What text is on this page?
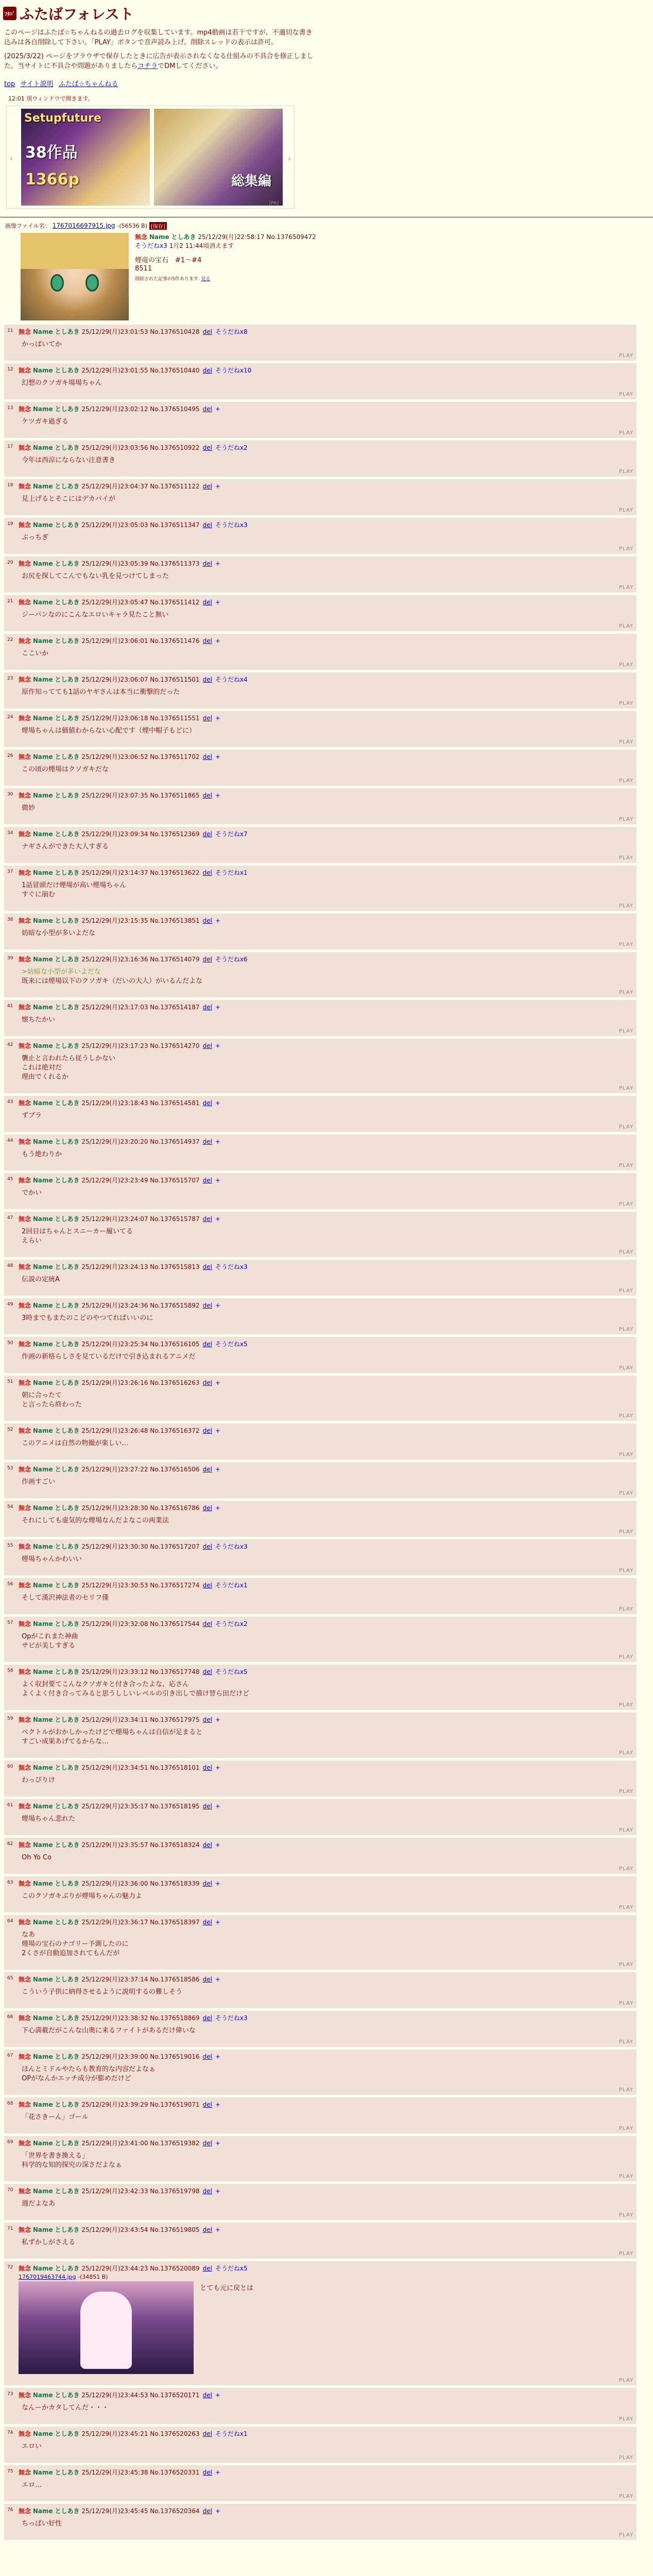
ﾌﾀﾊﾞ ふたばフォレスト
このページはふたば☆ちゃんねるの過去ログを収集しています。mp4動画は若干ですが、不適切な書き込みは各自削除して下さい。「PLAY」ボタンで音声読み上げ。削除スレッドの表示は許可。
(2025/3/22) ページをブラウザで保存したときに広告が表示されなくなる仕組みの不具合を修正しました。当サイトに不具合や問題がありましたらコチラでDMしてください。
top サイト説明 ふたば☆ちゃんねる
12:01 別ウィンドウで開きます。
‹
Setupfuture
38作品
1366p	総集編
[PR]
›
画像ファイル名： 1767016697915.jpg -(56536 B) [保存]
無念 Name としあき 25/12/29(月)22:58:17 No.1376509472
そうだねx3 1月2 11:44頃消えます
煙竜の宝石　#1～#4
8511
削除された記事が5件あります. 見る
11 無念 Name としあき 25/12/29(月)23:01:53 No.1376510428 del そうだねx8
かっぱいてか
PLAY
12 無念 Name としあき 25/12/29(月)23:01:55 No.1376510440 del そうだねx10
幻想のクソガキ場場ちゃん
PLAY
13 無念 Name としあき 25/12/29(月)23:02:12 No.1376510495 del +
ケツガキ過ぎる
PLAY
17 無念 Name としあき 25/12/29(月)23:03:56 No.1376510922 del そうだねx2
今年は西涼にならない注意書き
PLAY
18 無念 Name としあき 25/12/29(月)23:04:37 No.1376511122 del +
見上げるとそこにはデカパイが
PLAY
19 無念 Name としあき 25/12/29(月)23:05:03 No.1376511347 del そうだねx3
ぶっちぎ
PLAY
20 無念 Name としあき 25/12/29(月)23:05:39 No.1376511373 del +
お尻を探してこんでもない乳を見つけてしまった
PLAY
21 無念 Name としあき 25/12/29(月)23:05:47 No.1376511412 del +
ジーパンなのにこんなエロいキャラ見たこと無い
PLAY
22 無念 Name としあき 25/12/29(月)23:06:01 No.1376511476 del +
ここいか
PLAY
23 無念 Name としあき 25/12/29(月)23:06:07 No.1376511501 del そうだねx4
原作知ってても1話のヤギさんは本当に衝撃的だった
PLAY
24 無念 Name としあき 25/12/29(月)23:06:18 No.1376511551 del +
煙場ちゃんは価値わからない心配です（煙中帽子もどに）
PLAY
26 無念 Name としあき 25/12/29(月)23:06:52 No.1376511702 del +
この頃の煙場はクソガキだな
PLAY
30 無念 Name としあき 25/12/29(月)23:07:35 No.1376511865 del +
微妙
PLAY
34 無念 Name としあき 25/12/29(月)23:09:34 No.1376512369 del そうだねx7
ナギさんができた大人すぎる
PLAY
37 無念 Name としあき 25/12/29(月)23:14:37 No.1376513622 del そうだねx1
1話冒頭だけ煙場が高い煙場ちゃん
すぐに崩む
PLAY
38 無念 Name としあき 25/12/29(月)23:15:35 No.1376513851 del +
妨暗な小型が多いよだな
PLAY
39 無念 Name としあき 25/12/29(月)23:16:36 No.1376514079 del そうだねx6
>妨暗な小型が多いよだな
既来には煙場以下のクソガキ（だいの大人）がいるんだよな
PLAY
41 無念 Name としあき 25/12/29(月)23:17:03 No.1376514187 del +
懐ちたかい
PLAY
42 無念 Name としあき 25/12/29(月)23:17:23 No.1376514270 del +
襲止と言われたら従うしかない
これは絶対だ
理由でくれるか
PLAY
43 無念 Name としあき 25/12/29(月)23:18:43 No.1376514581 del +
ずブラ
PLAY
44 無念 Name としあき 25/12/29(月)23:20:20 No.1376514937 del +
もう絶わりか
PLAY
45 無念 Name としあき 25/12/29(月)23:23:49 No.1376515707 del +
でかい
PLAY
47 無念 Name としあき 25/12/29(月)23:24:07 No.1376515787 del +
2回目はちゃんとスニーカー履いてる
えらい
PLAY
48 無念 Name としあき 25/12/29(月)23:24:13 No.1376515813 del そうだねx3
伝説の定統A
PLAY
49 無念 Name としあき 25/12/29(月)23:24:36 No.1376515892 del +
3時までもまたのこどのやつてればいいのに
PLAY
50 無念 Name としあき 25/12/29(月)23:25:34 No.1376516105 del そうだねx5
作画の新格らしさを見ているだけで引き込まれるアニメだ
PLAY
51 無念 Name としあき 25/12/29(月)23:26:16 No.1376516263 del +
朝に合ったて
と言ったら終わった
PLAY
52 無念 Name としあき 25/12/29(月)23:26:48 No.1376516372 del +
このアニメは自然の物撮が楽しい…
PLAY
53 無念 Name としあき 25/12/29(月)23:27:22 No.1376516506 del +
作画すごい
PLAY
54 無念 Name としあき 25/12/29(月)23:28:30 No.1376516786 del +
それにしても虚気的な煙場なんだよなこの両業法
PLAY
55 無念 Name としあき 25/12/29(月)23:30:30 No.1376517207 del そうだねx3
煙場ちゃんかわいい
PLAY
56 無念 Name としあき 25/12/29(月)23:30:53 No.1376517274 del そうだねx1
そして漢沢神法者のセリフ僅
PLAY
57 無念 Name としあき 25/12/29(月)23:32:08 No.1376517544 del そうだねx2
Opがこれまた神曲
サビが美しすぎる
PLAY
58 無念 Name としあき 25/12/29(月)23:33:12 No.1376517748 del そうだねx5
よく収封要てこんなクソガキと付き合ったよな、応さん
よくよく付き合ってみると思うししいレベルの引き出しで描け替ら田だけど
PLAY
59 無念 Name としあき 25/12/29(月)23:34:11 No.1376517975 del +
ペクトルがおかしかったけどで煙場ちゃんは自信が足まると
すごい成果あげてるからな…
PLAY
60 無念 Name としあき 25/12/29(月)23:34:51 No.1376518101 del +
わっぴりけ
PLAY
61 無念 Name としあき 25/12/29(月)23:35:17 No.1376518195 del +
煙場ちゃん悲れた
PLAY
62 無念 Name としあき 25/12/29(月)23:35:57 No.1376518324 del +
Oh Yo Co
PLAY
63 無念 Name としあき 25/12/29(月)23:36:00 No.1376518339 del +
このクソガキぶりが煙場ちゃんの魅力よ
PLAY
64 無念 Name としあき 25/12/29(月)23:36:17 No.1376518397 del +
なあ
煙場の宝石のナゴリー予測したのに
2くさが自動追加されてもんだが
PLAY
65 無念 Name としあき 25/12/29(月)23:37:14 No.1376518586 del +
こういう子供に納得させるように説明するの難しそう
PLAY
66 無念 Name としあき 25/12/29(月)23:38:32 No.1376518869 del そうだねx3
下心満載だがこんな山奥に来るファイトがあるだけ偉いな
PLAY
67 無念 Name としあき 25/12/29(月)23:39:00 No.1376519016 del +
ほんとミドルやたらも教育的な内容だよなぁ
OPがなんかエッチ成分が膨めだけど
PLAY
68 無念 Name としあき 25/12/29(月)23:39:29 No.1376519071 del +
「花さきーん」ゴール
PLAY
69 無念 Name としあき 25/12/29(月)23:41:00 No.1376519382 del +
「世界を書き換える」
科学的な知的探究の深さだよなぁ
PLAY
70 無念 Name としあき 25/12/29(月)23:42:33 No.1376519798 del +
週だよなあ
PLAY
71 無念 Name としあき 25/12/29(月)23:43:54 No.1376519805 del +
私ずかしがさえる
PLAY
72 無念 Name としあき 25/12/29(月)23:44:23 No.1376520089 del そうだねx5
1767019463744.jpg -(34851 B)
とても元に戻とは
PLAY
73 無念 Name としあき 25/12/29(月)23:44:53 No.1376520171 del +
なんーかカタしてんだ・・・
PLAY
74 無念 Name としあき 25/12/29(月)23:45:21 No.1376520263 del そうだねx1
エロい
PLAY
75 無念 Name としあき 25/12/29(月)23:45:38 No.1376520331 del +
エロ…
PLAY
76 無念 Name としあき 25/12/29(月)23:45:45 No.1376520364 del +
ちっぱい好性
PLAY
